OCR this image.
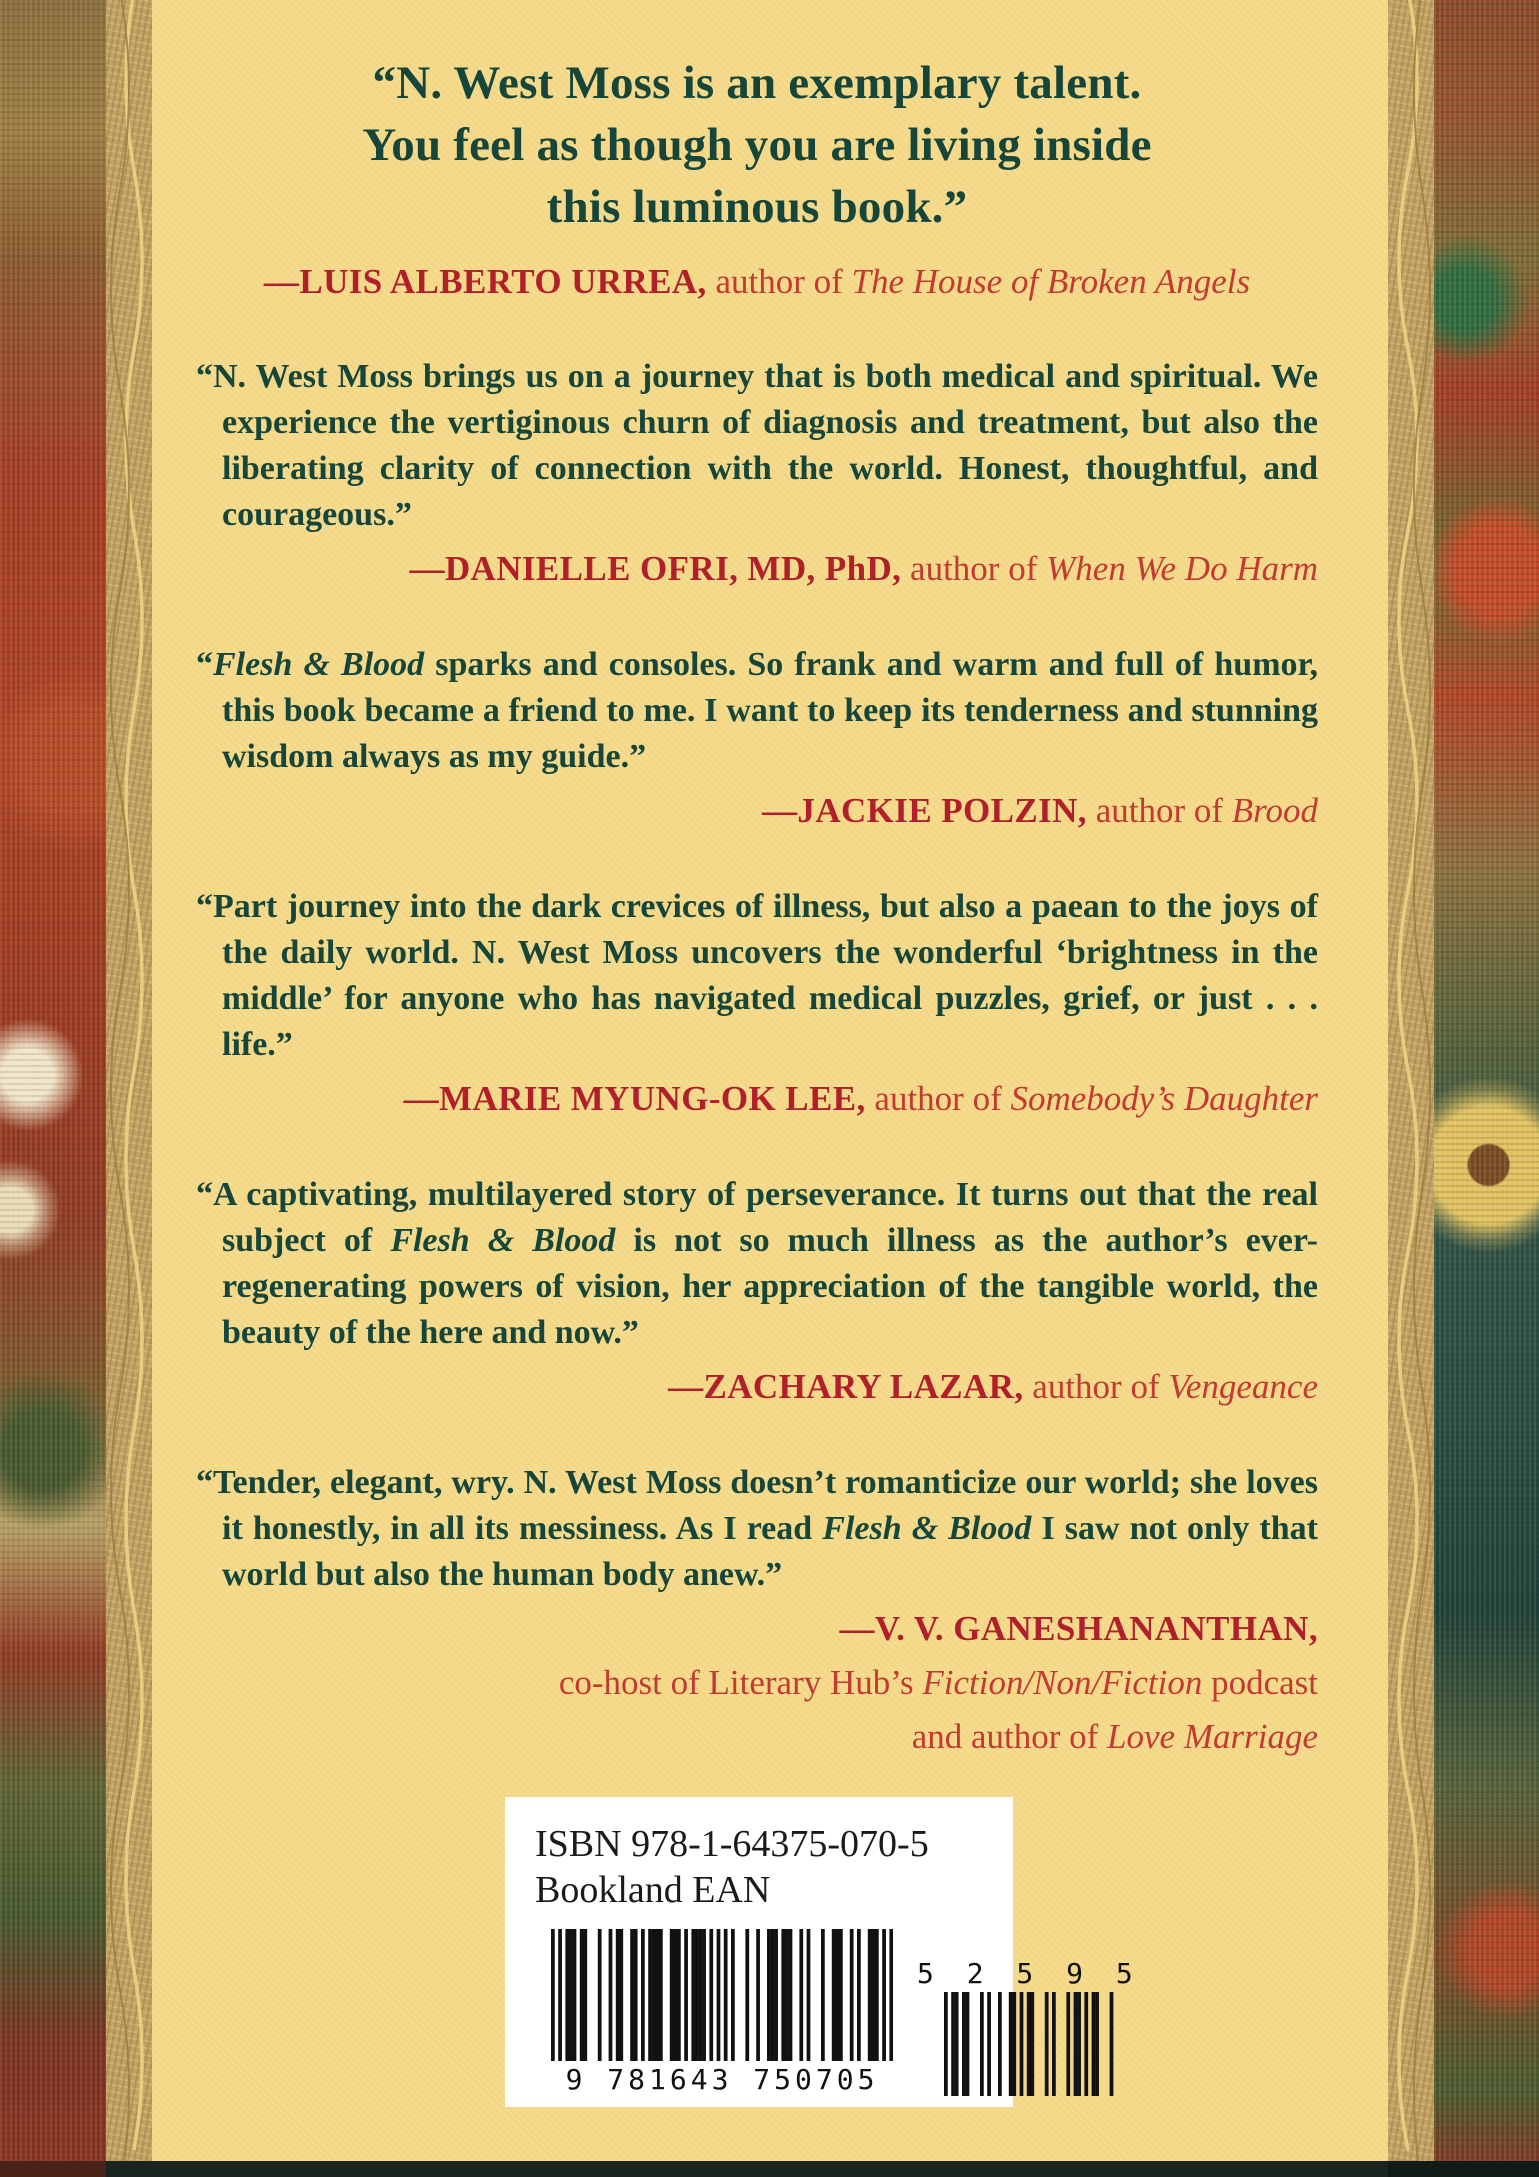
“N. West Moss is an exemplary talent.
You feel as though you are living inside
this luminous book.”
—LUIS ALBERTO URREA, author of The House of Broken Angels

“N. West Moss brings us on a journey that is both medical and spiritual. We experience the vertiginous churn of diagnosis and treatment, but also the liberating clarity of connection with the world. Honest, thoughtful, and courageous.”

—DANIELLE OFRI, MD, PhD, author of When We Do Harm

“Flesh & Blood sparks and consoles. So frank and warm and full of humor, this book became a friend to me. I want to keep its tenderness and stunning wisdom always as my guide.”

—JACKIE POLZIN, author of Brood

“Part journey into the dark crevices of illness, but also a paean to the joys of the daily world. N. West Moss uncovers the wonderful ‘brightness in the middle’ for anyone who has navigated medical puzzles, grief, or just . . . life.”

—MARIE MYUNG-OK LEE, author of Somebody’s Daughter

“A captivating, multilayered story of perseverance. It turns out that the real subject of Flesh & Blood is not so much illness as the author’s ever-regenerating powers of vision, her appreciation of the tangible world, the beauty of the here and now.”

—ZACHARY LAZAR, author of Vengeance

“Tender, elegant, wry. N. West Moss doesn’t romanticize our world; she loves it honestly, in all its messiness. As I read Flesh & Blood I saw not only that world but also the human body anew.”

—V. V. GANESHANANTHAN,
co-host of Literary Hub’s Fiction/Non/Fiction podcast
and author of Love Marriage
ISBN 978-1-64375-070-5
Bookland EAN
9 781643 750705
5 2 5 9 5
